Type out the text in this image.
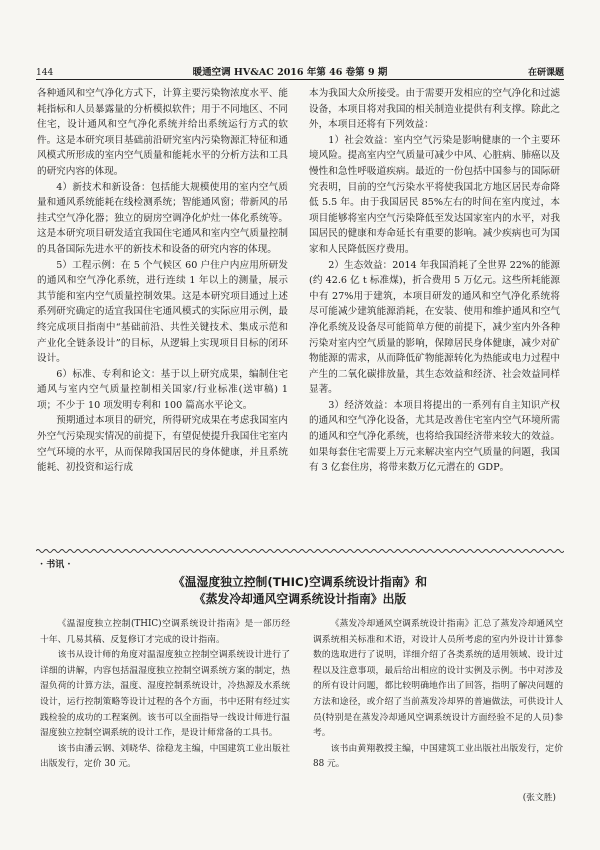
144	暖通空调 HV&AC 2016 年第 46 卷第 9 期	在研课题

各种通风和空气净化方式下，计算主要污染物浓度水平、能耗指标和人员暴露量的分析模拟软件；用于不同地区、不同住宅，设计通风和空气净化系统并给出系统运行方式的软件。这是本研究项目基础前沿研究室内污染物源汇特征和通风模式所形成的室内空气质量和能耗水平的分析方法和工具的研究内容的体现。

4）新技术和新设备：包括能大规模使用的室内空气质量和通风系统能耗在线检测系统；智能通风窗；带新风的吊挂式空气净化器；独立的厨房空调净化炉灶一体化系统等。这是本研究项目研发适宜我国住宅通风和室内空气质量控制的具备国际先进水平的新技术和设备的研究内容的体现。

5）工程示例：在 5 个气候区 60 户住户内应用所研发的通风和空气净化系统，进行连续 1 年以上的测量，展示其节能和室内空气质量控制效果。这是本研究项目通过上述系列研究确定的适宜我国住宅通风模式的实际应用示例，最终完成项目指南中“基础前沿、共性关键技术、集成示范和产业化全链条设计”的目标，从逻辑上实现项目目标的闭环设计。

6）标准、专利和论文：基于以上研究成果，编制住宅通风与室内空气质量控制相关国家/行业标准(送审稿) 1 项；不少于 10 项发明专利和 100 篇高水平论文。

预期通过本项目的研究，所得研究成果在考虑我国室内外空气污染现实情况的前提下，有望促使提升我国住宅室内空气环境的水平，从而保障我国居民的身体健康，并且系统能耗、初投资和运行成

本为我国大众所接受。由于需要开发相应的空气净化和过滤设备，本项目将对我国的相关制造业提供有利支撑。除此之外，本项目还将有下列效益：

1）社会效益：室内空气污染是影响健康的一个主要环境风险。提高室内空气质量可减少中风、心脏病、肺癌以及慢性和急性呼吸道疾病。最近的一份包括中国参与的国际研究表明，目前的空气污染水平将使我国北方地区居民寿命降低 5.5 年。由于我国居民 85%左右的时间在室内度过，本项目能够将室内空气污染降低至发达国家室内的水平，对我国居民的健康和寿命延长有重要的影响。减少疾病也可为国家和人民降低医疗费用。

2）生态效益：2014 年我国消耗了全世界 22%的能源(约 42.6 亿 t 标准煤)，折合费用 5 万亿元。这些所耗能源中有 27%用于建筑，本项目研发的通风和空气净化系统将尽可能减少建筑能源消耗，在安装、使用和维护通风和空气净化系统及设备尽可能简单方便的前提下，减少室内外各种污染对室内空气质量的影响，保障居民身体健康，减少对矿物能源的需求，从而降低矿物能源转化为热能或电力过程中产生的二氧化碳排放量，其生态效益和经济、社会效益同样显著。

3）经济效益：本项目将提出的一系列有自主知识产权的通风和空气净化设备，尤其是改善住宅室内空气环境所需的通风和空气净化系统，也将给我国经济带来较大的效益。如果每套住宅需要上万元来解决室内空气质量的问题，我国有 3 亿套住房，将带来数万亿元潜在的 GDP。

· 书讯 ·
《温湿度独立控制(THIC)空调系统设计指南》和
《蒸发冷却通风空调系统设计指南》出版

《温湿度独立控制(THIC)空调系统设计指南》是一部历经十年、几易其稿、反复修订才完成的设计指南。

该书从设计师的角度对温湿度独立控制空调系统设计进行了详细的讲解，内容包括温湿度独立控制空调系统方案的制定，热湿负荷的计算方法，温度、湿度控制系统设计，冷热源及水系统设计，运行控制策略等设计过程的各个方面，书中还附有经过实践检验的成功的工程案例。该书可以全面指导一线设计师进行温湿度独立控制空调系统的设计工作，是设计师常备的工具书。

该书由潘云钢、刘晓华、徐稳龙主编，中国建筑工业出版社出版发行，定价 30 元。

《蒸发冷却通风空调系统设计指南》汇总了蒸发冷却通风空调系统相关标准和术语，对设计人员所考虑的室内外设计计算参数的选取进行了说明，详细介绍了各类系统的适用领域、设计过程以及注意事项，最后给出相应的设计实例及示例。书中对涉及的所有设计问题，都比较明确地作出了回答，指明了解决问题的方法和途径，或介绍了当前蒸发冷却界的普遍做法，可供设计人员(特别是在蒸发冷却通风空调系统设计方面经验不足的人员)参考。

该书由黄翔教授主编，中国建筑工业出版社出版发行，定价 88 元。

(张文胜)
